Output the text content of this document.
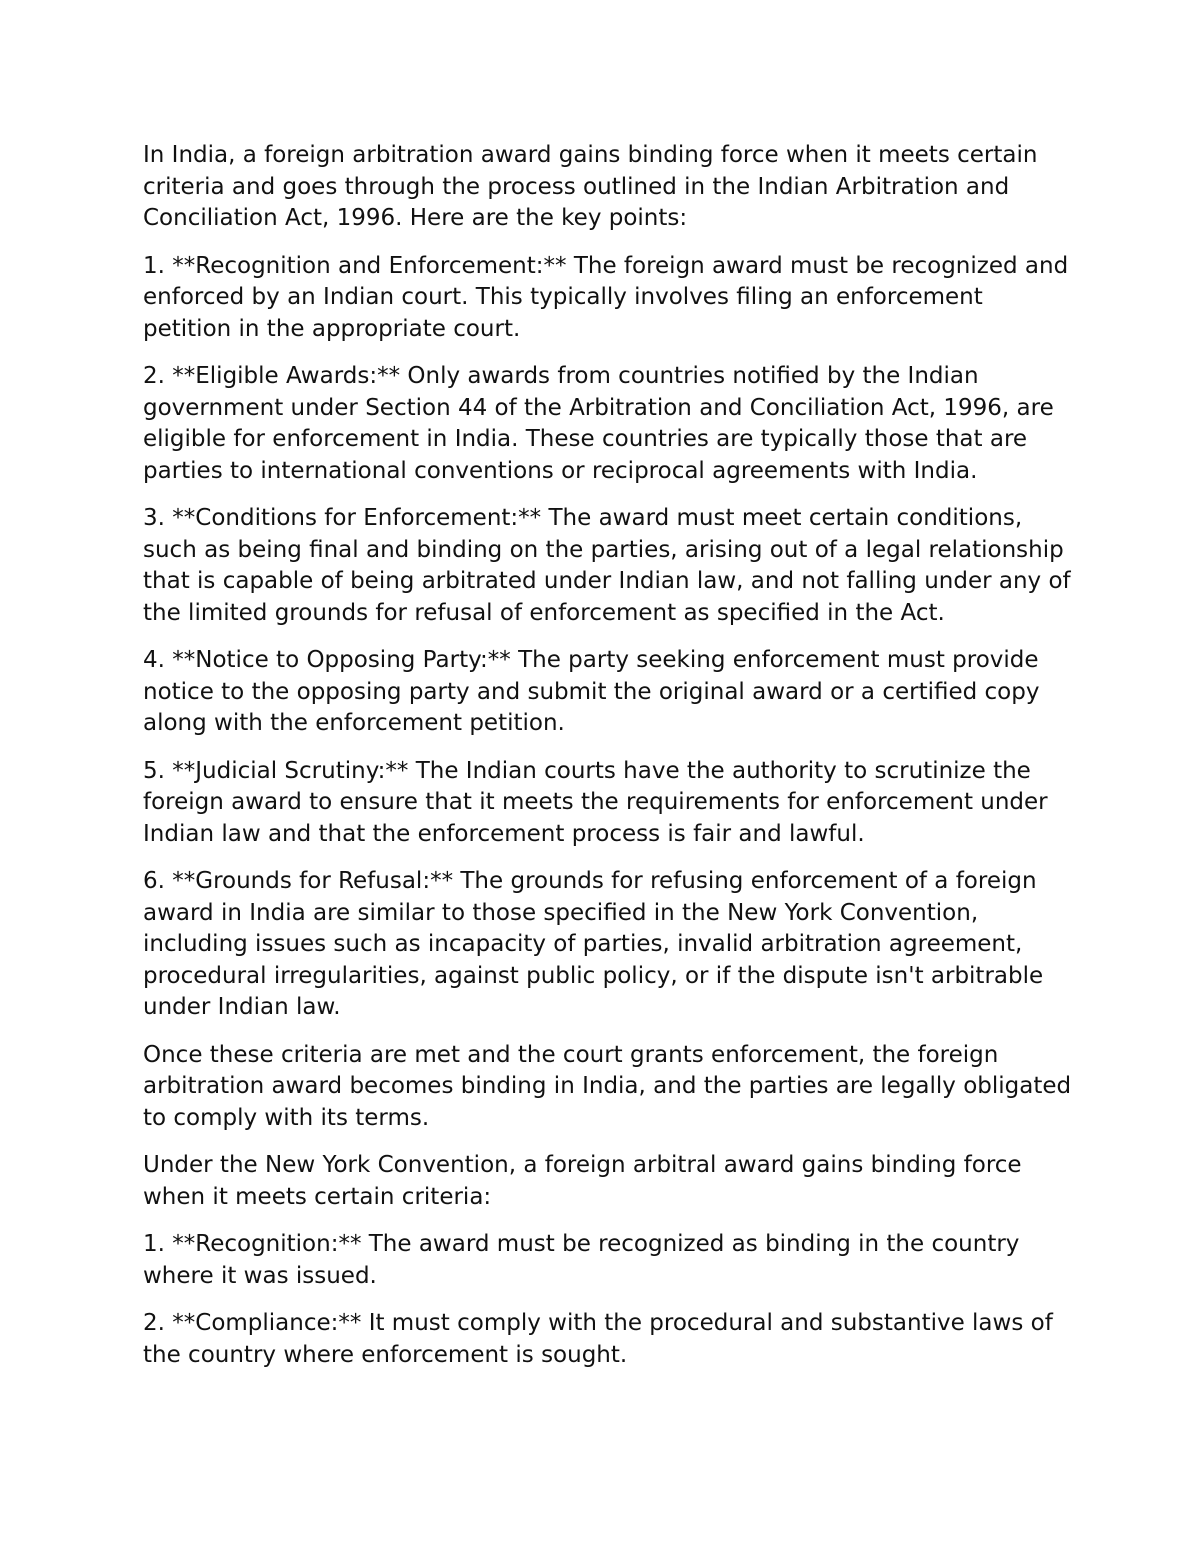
In India, a foreign arbitration award gains binding force when it meets certain criteria and goes through the process outlined in the Indian Arbitration and Conciliation Act, 1996. Here are the key points:

1. **Recognition and Enforcement:** The foreign award must be recognized and enforced by an Indian court. This typically involves filing an enforcement petition in the appropriate court.

2. **Eligible Awards:** Only awards from countries notified by the Indian government under Section 44 of the Arbitration and Conciliation Act, 1996, are eligible for enforcement in India. These countries are typically those that are parties to international conventions or reciprocal agreements with India.

3. **Conditions for Enforcement:** The award must meet certain conditions, such as being final and binding on the parties, arising out of a legal relationship that is capable of being arbitrated under Indian law, and not falling under any of the limited grounds for refusal of enforcement as specified in the Act.

4. **Notice to Opposing Party:** The party seeking enforcement must provide notice to the opposing party and submit the original award or a certified copy along with the enforcement petition.

5. **Judicial Scrutiny:** The Indian courts have the authority to scrutinize the foreign award to ensure that it meets the requirements for enforcement under Indian law and that the enforcement process is fair and lawful.

6. **Grounds for Refusal:** The grounds for refusing enforcement of a foreign award in India are similar to those specified in the New York Convention, including issues such as incapacity of parties, invalid arbitration agreement, procedural irregularities, against public policy, or if the dispute isn't arbitrable under Indian law.

Once these criteria are met and the court grants enforcement, the foreign arbitration award becomes binding in India, and the parties are legally obligated to comply with its terms.

Under the New York Convention, a foreign arbitral award gains binding force when it meets certain criteria:

1. **Recognition:** The award must be recognized as binding in the country where it was issued.

2. **Compliance:** It must comply with the procedural and substantive laws of the country where enforcement is sought.
